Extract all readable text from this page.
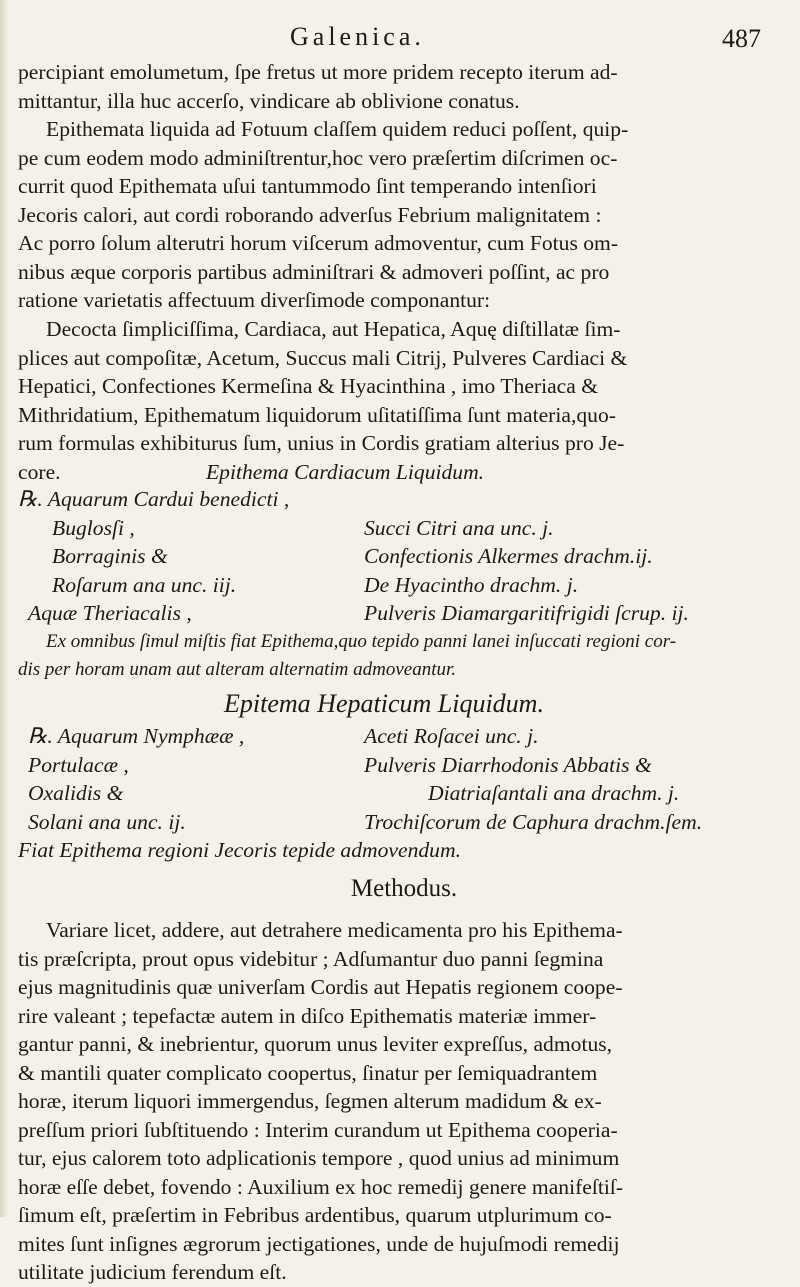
Galenica.	487
percipiant emolumetum, ſpe fretus ut more pridem recepto iterum ad-
mittantur, illa huc accerſo, vindicare ab oblivione conatus.
Epithemata liquida ad Fotuum claſſem quidem reduci poſſent, quip-
pe cum eodem modo adminiſtrentur,hoc vero præſertim diſcrimen oc-
currit quod Epithemata uſui tantummodo ſint temperando intenſiori
Jecoris calori, aut cordi roborando adverſus Febrium malignitatem :
Ac porro ſolum alterutri horum viſcerum admoventur, cum Fotus om-
nibus æque corporis partibus adminiſtrari & admoveri poſſint, ac pro
ratione varietatis affectuum diverſimode componantur:
Decocta ſimpliciſſima, Cardiaca, aut Hepatica, Aquę diſtillatæ ſim-
plices aut compoſitæ, Acetum, Succus mali Citrij, Pulveres Cardiaci &
Hepatici, Confectiones Kermeſina & Hyacinthina , imo Theriaca &
Mithridatium, Epithematum liquidorum uſitatiſſima ſunt materia,quo-
rum formulas exhibiturus ſum, unius in Cordis gratiam alterius pro Je-
core.	Epithema Cardiacum Liquidum.
℞. Aquarum Cardui benedicti ,
Buglosſi ,	Succi Citri ana unc. j.
Borraginis &	Confectionis Alkermes drachm.ij.
Roſarum ana unc. iij.	De Hyacintho drachm. j.
Aquæ Theriacalis ,	Pulveris Diamargaritifrigidi ſcrup. ij.
Ex omnibus ſimul miſtis fiat Epithema,quo tepido panni lanei inſuccati regioni cor-
dis per horam unam aut alteram alternatim admoveantur.
Epitema Hepaticum Liquidum.
℞. Aquarum Nymphææ ,	Aceti Roſacei unc. j.
Portulacæ ,	Pulveris Diarrhodonis Abbatis &
Oxalidis &	Diatriaſantali ana drachm. j.
Solani ana unc. ij.	Trochiſcorum de Caphura drachm.ſem.
Fiat Epithema regioni Jecoris tepide admovendum.
Methodus.
Variare licet, addere, aut detrahere medicamenta pro his Epithema-
tis præſcripta, prout opus videbitur ; Adſumantur duo panni ſegmina
ejus magnitudinis quæ univerſam Cordis aut Hepatis regionem coope-
rire valeant ; tepefactæ autem in diſco Epithematis materiæ immer-
gantur panni, & inebrientur, quorum unus leviter expreſſus, admotus,
& mantili quater complicato coopertus, ſinatur per ſemiquadrantem
horæ, iterum liquori immergendus, ſegmen alterum madidum & ex-
preſſum priori ſubſtituendo : Interim curandum ut Epithema cooperia-
tur, ejus calorem toto adplicationis tempore , quod unius ad minimum
horæ eſſe debet, fovendo : Auxilium ex hoc remedij genere manifeſtiſ-
ſimum eſt, præſertim in Febribus ardentibus, quarum utplurimum co-
mites ſunt inſignes ægrorum jectigationes, unde de hujuſmodi remedij
utilitate judicium ferendum eſt.
